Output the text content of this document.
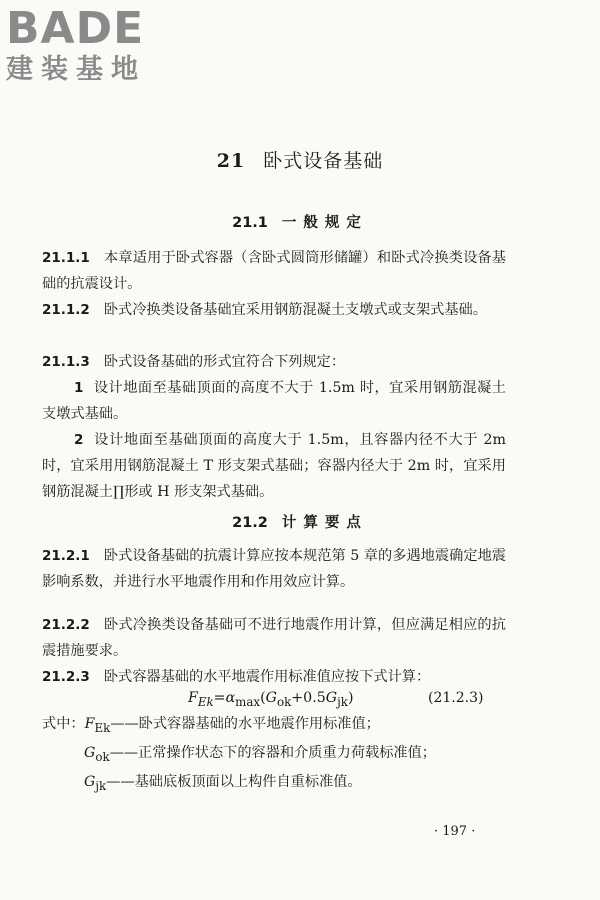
BADE
建装基地
21 卧式设备基础
21.1 一般规定

21.1.1 本章适用于卧式容器（含卧式圆筒形储罐）和卧式冷换类设备基础的抗震设计。

21.1.2 卧式冷换类设备基础宜采用钢筋混凝土支墩式或支架式基础。

21.1.3 卧式设备基础的形式宜符合下列规定：

1 设计地面至基础顶面的高度不大于 1.5m 时，宜采用钢筋混凝土支墩式基础。

2 设计地面至基础顶面的高度大于 1.5m，且容器内径不大于 2m 时，宜采用用钢筋混凝土 T 形支架式基础；容器内径大于 2m 时，宜采用钢筋混凝土∏形或 H 形支架式基础。

21.2 计算要点

21.2.1 卧式设备基础的抗震计算应按本规范第 5 章的多遇地震确定地震影响系数，并进行水平地震作用和作用效应计算。

21.2.2 卧式冷换类设备基础可不进行地震作用计算，但应满足相应的抗震措施要求。

21.2.3 卧式容器基础的水平地震作用标准值应按下式计算：

$F_{Ek}=\alpha_{max}(G_{ok}+0.5G_{jk})$	(21.2.3)
式中：$F_{Ek}——$卧式容器基础的水平地震作用标准值；
$G_{ok}——$正常操作状态下的容器和介质重力荷载标准值；
$G_{jk}——$基础底板顶面以上构件自重标准值。
· 197 ·
